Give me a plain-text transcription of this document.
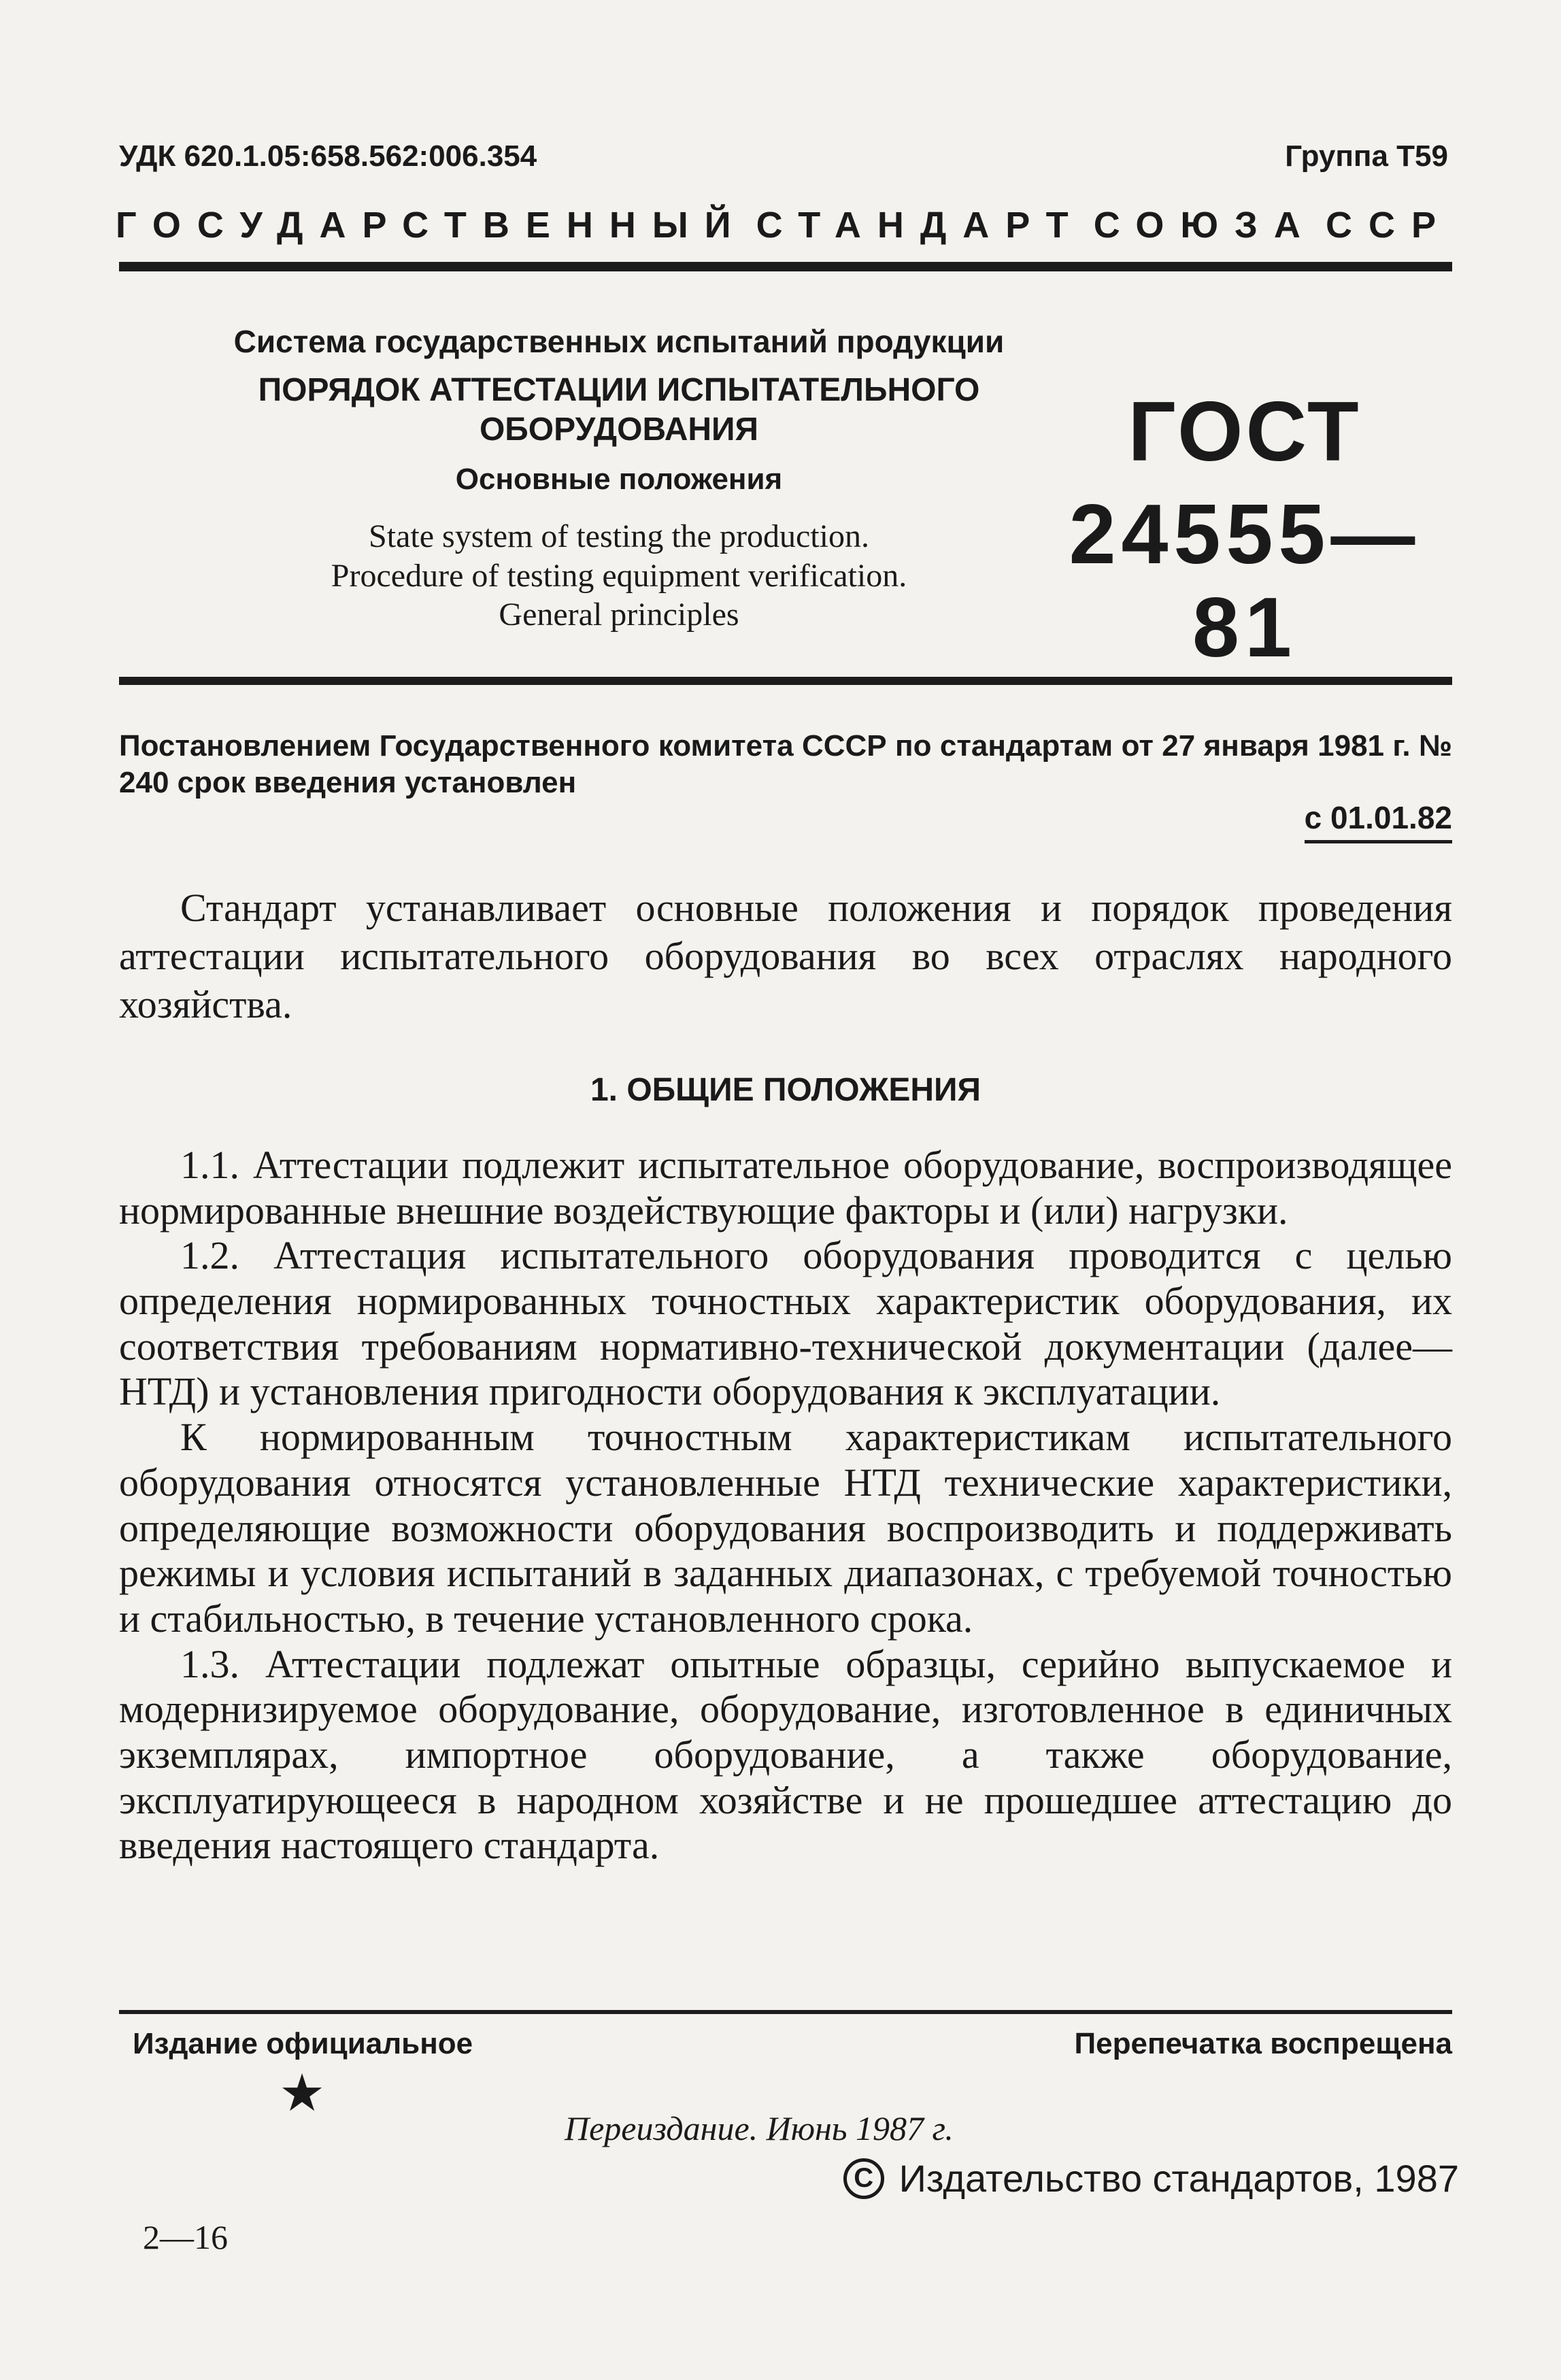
УДК 620.1.05:658.562:006.354	Группа Т59
ГОСУДАРСТВЕННЫЙ СТАНДАРТ СОЮЗА ССР
Система государственных испытаний продукции
ПОРЯДОК АТТЕСТАЦИИ ИСПЫТАТЕЛЬНОГО
ОБОРУДОВАНИЯ
Основные положения
State system of testing the production.
Procedure of testing equipment verification.
General principles
ГОСТ
24555—81
Постановлением Государственного комитета СССР по стандартам от 27 января 1981 г. № 240 срок введения установлен
с 01.01.82

Стандарт устанавливает основные положения и порядок проведения аттестации испытательного оборудования во всех отраслях народного хозяйства.

1. ОБЩИЕ ПОЛОЖЕНИЯ

1.1. Аттестации подлежит испытательное оборудование, воспроизводящее нормированные внешние воздействующие факторы и (или) нагрузки.

1.2. Аттестация испытательного оборудования проводится с целью определения нормированных точностных характеристик оборудования, их соответствия требованиям нормативно-технической документации (далее—НТД) и установления пригодности оборудования к эксплуатации.

К нормированным точностным характеристикам испытательного оборудования относятся установленные НТД технические характеристики, определяющие возможности оборудования воспроизводить и поддерживать режимы и условия испытаний в заданных диапазонах, с требуемой точностью и стабильностью, в течение установленного срока.

1.3. Аттестации подлежат опытные образцы, серийно выпускаемое и модернизируемое оборудование, оборудование, изготовленное в единичных экземплярах, импортное оборудование, а также оборудование, эксплуатирующееся в народном хозяйстве и не прошедшее аттестацию до введения настоящего стандарта.

Издание официальное	Перепечатка воспрещена
★
Переиздание. Июнь 1987 г.
C Издательство стандартов, 1987
2—16
